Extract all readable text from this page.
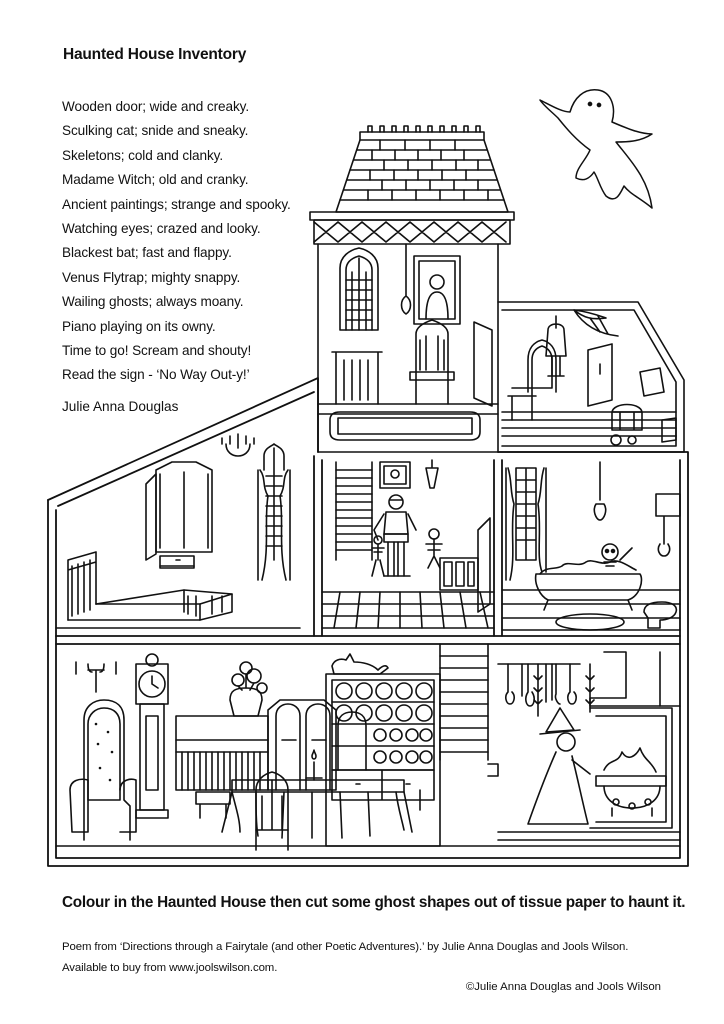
Haunted House Inventory
Wooden door; wide and creaky.
Sculking cat; snide and sneaky.
Skeletons; cold and clanky.
Madame Witch; old and cranky.
Ancient paintings; strange and spooky.
Watching eyes; crazed and looky.
Blackest bat; fast and flappy.
Venus Flytrap; mighty snappy.
Wailing ghosts; always moany.
Piano playing on its owny.
Time to go! Scream and shouty!
Read the sign - ‘No Way Out-y!’
Julie Anna Douglas
Colour in the Haunted House then cut some ghost shapes out of tissue paper to haunt it.
Poem from ‘Directions through a Fairytale (and other Poetic Adventures).’ by Julie Anna Douglas and Jools Wilson.
Available to buy from www.joolswilson.com.
©Julie Anna Douglas and Jools Wilson
